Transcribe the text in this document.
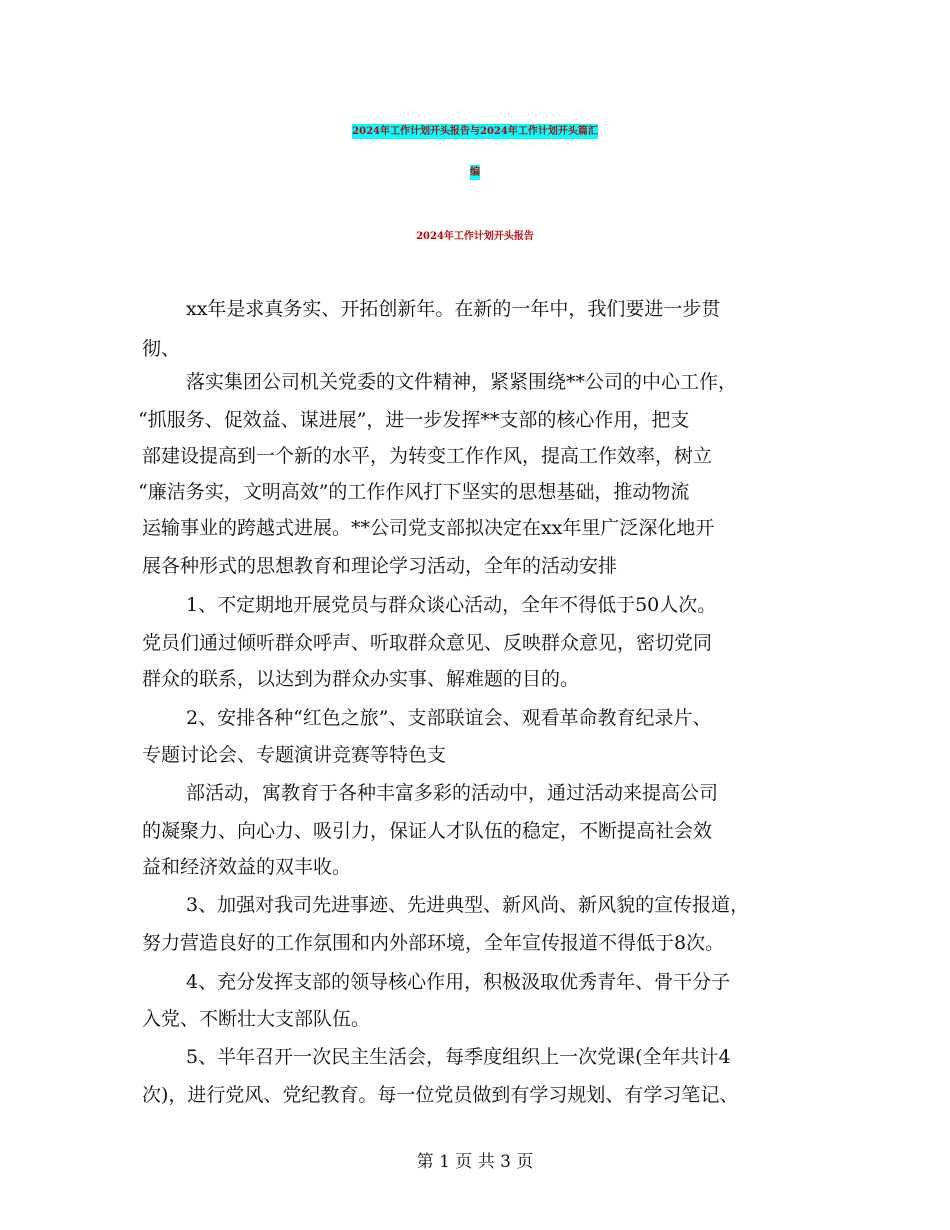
2024年工作计划开头报告与2024年工作计划开头篇汇
编
2024年工作计划开头报告
xx年是求真务实、开拓创新年。在新的一年中，我们要进一步贯
彻、
落实集团公司机关党委的文件精神，紧紧围绕**公司的中心工作，
“抓服务、促效益、谋进展”，进一步发挥**支部的核心作用，把支
部建设提高到一个新的水平，为转变工作作风，提高工作效率，树立
“廉洁务实，文明高效”的工作作风打下坚实的思想基础，推动物流
运输事业的跨越式进展。**公司党支部拟决定在xx年里广泛深化地开
展各种形式的思想教育和理论学习活动，全年的活动安排
1、不定期地开展党员与群众谈心活动，全年不得低于50人次。
党员们通过倾听群众呼声、听取群众意见、反映群众意见，密切党同
群众的联系，以达到为群众办实事、解难题的目的。
2、安排各种“红色之旅”、支部联谊会、观看革命教育纪录片、
专题讨论会、专题演讲竞赛等特色支
部活动，寓教育于各种丰富多彩的活动中，通过活动来提高公司
的凝聚力、向心力、吸引力，保证人才队伍的稳定，不断提高社会效
益和经济效益的双丰收。
3、加强对我司先进事迹、先进典型、新风尚、新风貌的宣传报道，
努力营造良好的工作氛围和内外部环境，全年宣传报道不得低于8次。
4、充分发挥支部的领导核心作用，积极汲取优秀青年、骨干分子
入党、不断壮大支部队伍。
5、半年召开一次民主生活会，每季度组织上一次党课(全年共计4
次)，进行党风、党纪教育。每一位党员做到有学习规划、有学习笔记、
第 1 页 共 3 页
